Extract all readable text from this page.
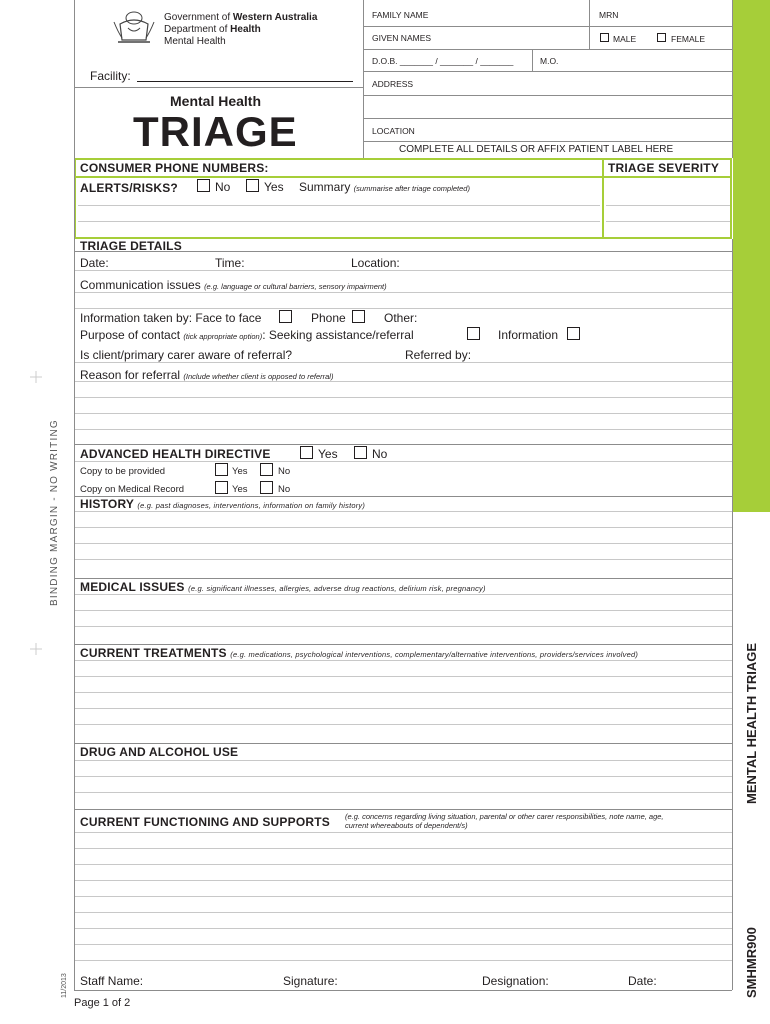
Government of Western Australia
Department of Health
Mental Health
Facility:
Mental Health
TRIAGE
FAMILY NAME	MRN
GIVEN NAMES	MALE	FEMALE
D.O.B. _______ / _______ / _______	M.O.
ADDRESS
LOCATION
COMPLETE ALL DETAILS OR AFFIX PATIENT LABEL HERE
CONSUMER PHONE NUMBERS:	TRIAGE SEVERITY
ALERTS/RISKS?	No	Yes Summary (summarise after triage completed)
TRIAGE DETAILS
Date:	Time:	Location:
Communication issues (e.g. language or cultural barriers, sensory impairment)
Information taken by: Face to face	Phone	Other:
Purpose of contact (tick appropriate option): Seeking assistance/referral	Information
Is client/primary carer aware of referral?	Referred by:
Reason for referral (Include whether client is opposed to referral)
ADVANCED HEALTH DIRECTIVE	Yes	No
Copy to be provided	Yes	No
Copy on Medical Record	Yes	No
HISTORY (e.g. past diagnoses, interventions, information on family history)
MEDICAL ISSUES (e.g. significant illnesses, allergies, adverse drug reactions, delirium risk, pregnancy)
CURRENT TREATMENTS (e.g. medications, psychological interventions, complementary/alternative interventions, providers/services involved)
DRUG AND ALCOHOL USE
CURRENT FUNCTIONING AND SUPPORTS (e.g. concerns regarding living situation, parental or other carer responsibilities, note name, age,
current whereabouts of dependent/s)
Staff Name:	Signature:	Designation:	Date:
Page 1 of 2
BINDING MARGIN - NO WRITING
11/2013
MENTAL HEALTH TRIAGE
SMHMR900
